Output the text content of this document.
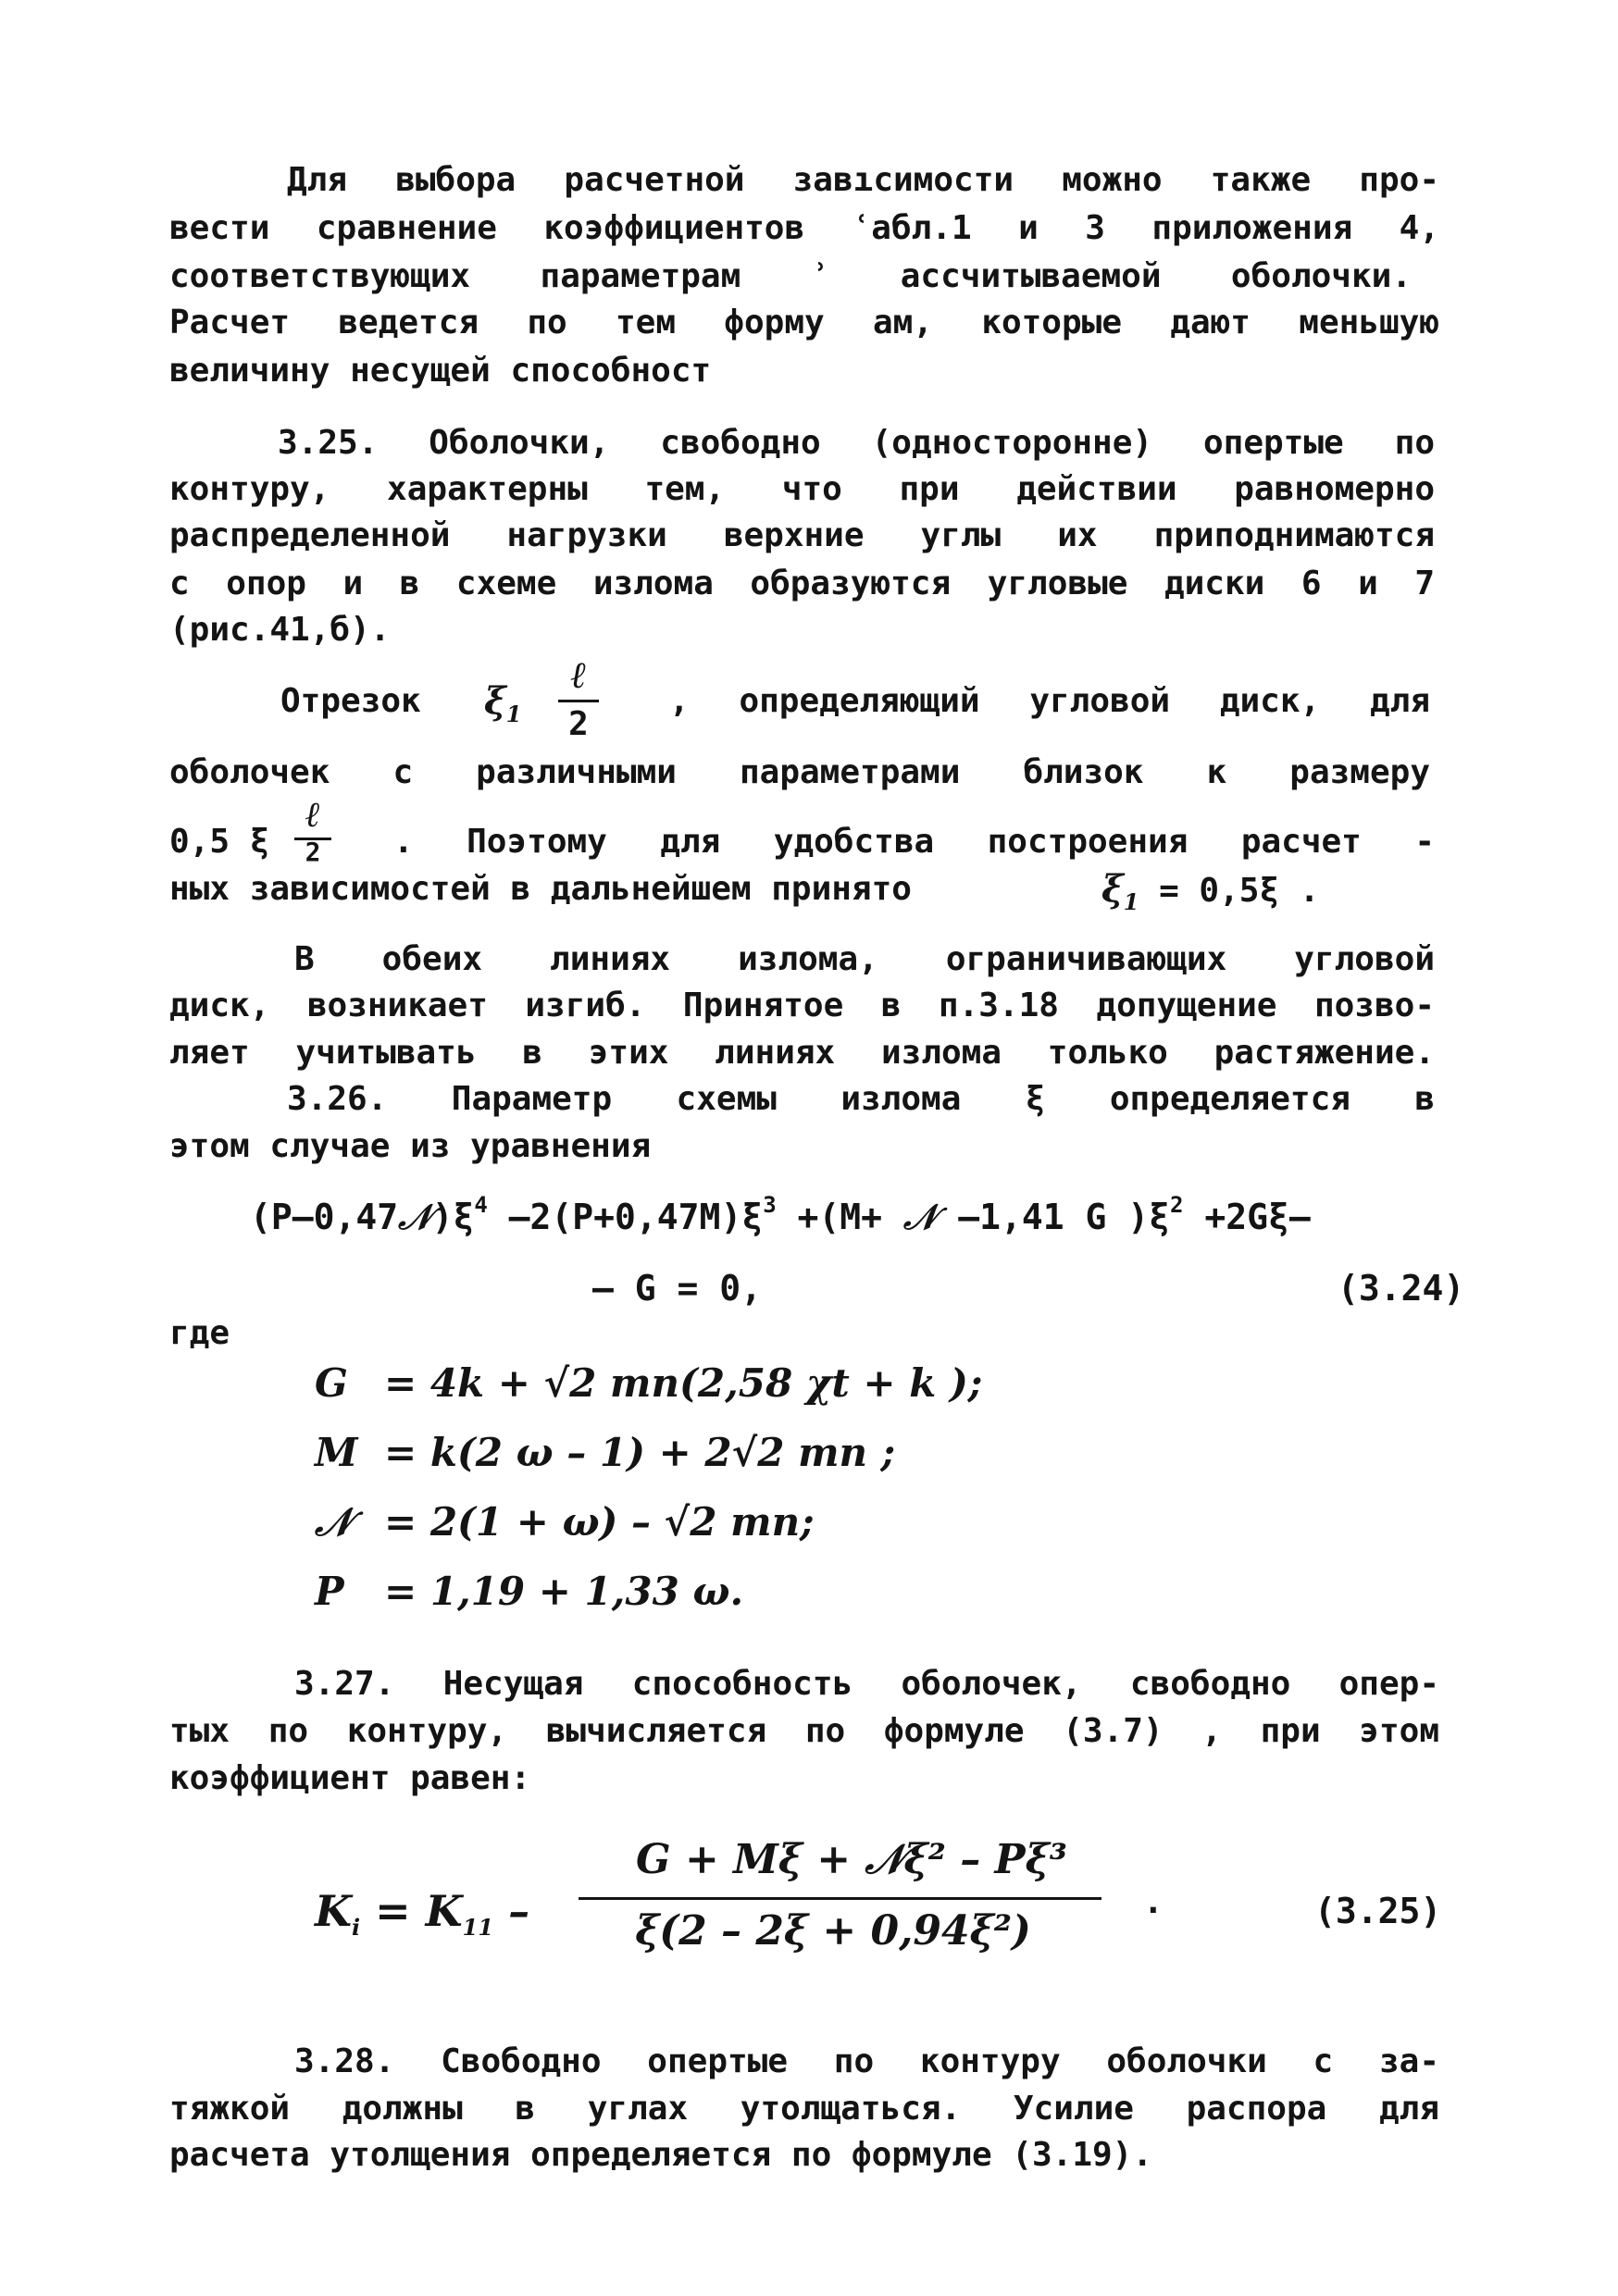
Для выбора расчетной завıсимости можно также про-
вести сравнение коэффициентов ʿабл.1 и 3 приложения 4,
соответствующих параметрам ʾ ассчитываемой оболочки.
Расчет ведется по тем форму ам, которые дают меньшую
величину несущей способност
3.25. Оболочки, свободно (односторонне) опертые по
контуру, характерны тем, что при действии равномерно
распределенной нагрузки верхние углы их приподнимаются
с опор и в схеме излома образуются угловые диски 6 и 7
(рис.41,б).
Отрезок $\xi_1$
ℓ
2
, определяющий угловой диск, для
оболочек с различными параметрами близок к размеру
0,5 ξ
ℓ
2	. Поэтому для удобства построения расчет -
ных зависимостей в дальнейшем принято	$\xi_1 = 0,5\xi$ .
В обеих линиях излома, ограничивающих угловой
диск, возникает изгиб. Принятое в п.3.18 допущение позво-
ляет учитывать в этих линиях излома только растяжение.
3.26. Параметр схемы излома ξ определяется в
этом случае из уравнения
$(P-0,47𝒩)\xi^4$ $-2(P+0,47M)\xi^3 +(M+$ 𝒩 –1,41 G )$\xi^2 +2G\xi-$
– G = 0,	(3.24)
где
G = 4k + √2 mn(2,58 χt + k );
M = k(2 ω – 1) + 2√2 mn ;
𝒩 = 2(1 + ω) – √2 mn;
P = 1,19 + 1,33 ω.
3.27. Несущая способность оболочек, свободно опер-
тых по контуру, вычисляется по формуле (3.7) , при этом
коэффициент равен:
$K_i = K_{11}$ –
G + Mξ + 𝒩ξ² – Pξ³
ξ(2 – 2ξ + 0,94ξ²)	·	(3.25)
3.28. Свободно опертые по контуру оболочки с за-
тяжкой должны в углах утолщаться. Усилие распора для
расчета утолщения определяется по формуле (3.19).
